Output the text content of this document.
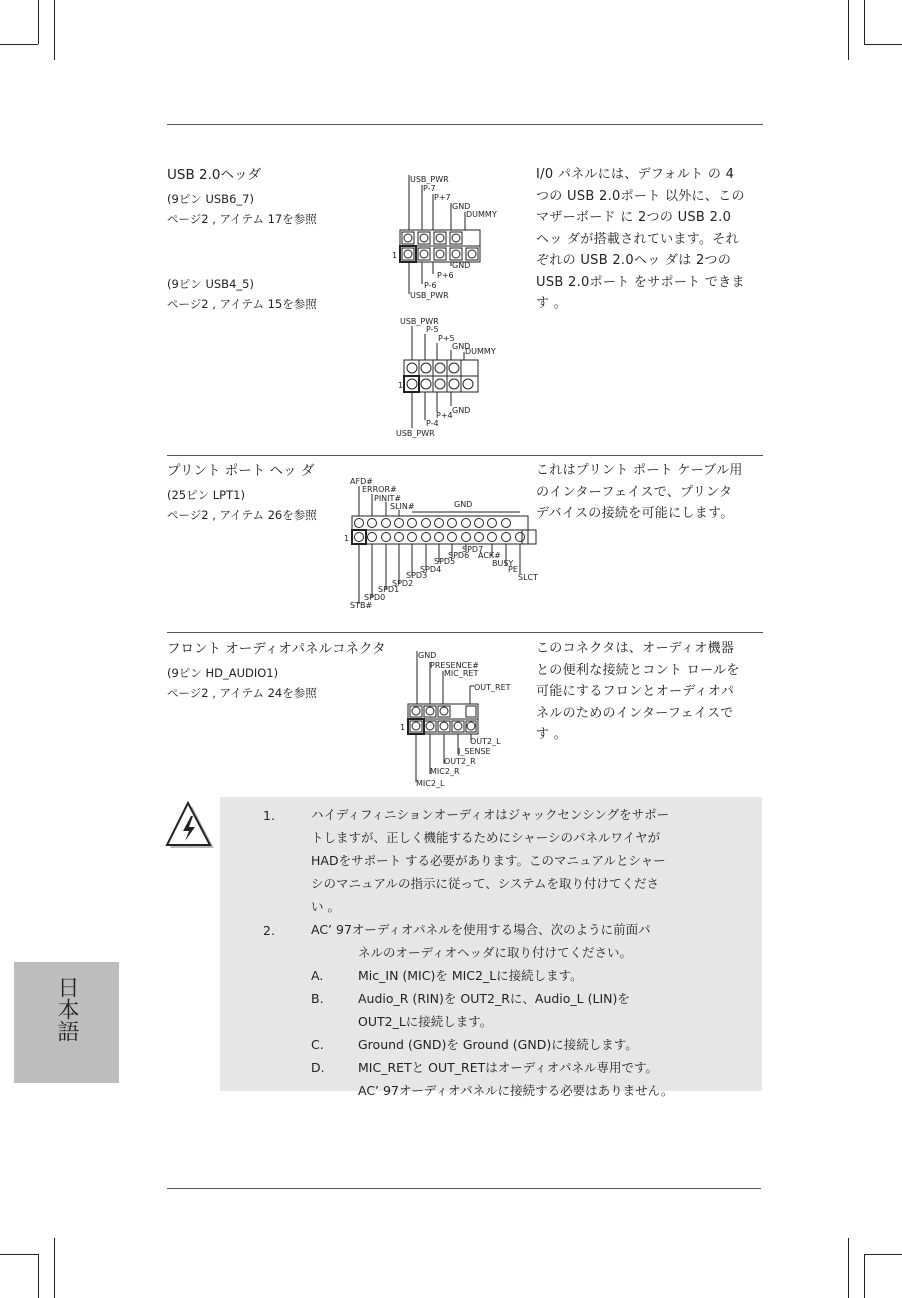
USB 2.0ヘッダ
(9ピン USB6_7)
ページ2 , アイテム 17を参照
(9ピン USB4_5)
ページ2 , アイテム 15を参照
USB_PWR
P-7
P+7
GND
DUMMY
1
P+6
GND
P-6
USB_PWR
USB_PWR
P-5
P+5
GND
DUMMY
1
GND
P+4
P-4
USB_PWR
I/0 パネルには、デフォルト の 4
つの USB 2.0ポート 以外に、この
マザーボード に 2つの USB 2.0
ヘッ ダが搭載されています。それ
ぞれの USB 2.0ヘッ ダは 2つの
USB 2.0ポート をサポート できま
す 。
プリント ポート ヘッ ダ
(25ピン LPT1)
ページ2 , アイテム 26を参照
AFD#
ERROR#
PINIT#
SLIN#	GND
1
SPD7
SPD6 ACK#
SPD5	BUSY
PE
SPD4
SLCT
SPD3
SPD2
SPD1
SPD0
STB#
これはプリント ポート ケーブル用
のインターフェイスで、プリンタ
デバイスの接続を可能にします。
フロント オーディオパネルコネクタ
(9ピン HD_AUDIO1)
ページ2 , アイテム 24を参照
GND
PRESENCE#
MIC_RET
OUT_RET
1
OUT2_L
J_SENSE
OUT2_R
MIC2_R
MIC2_L
このコネクタは、オーディオ機器
との便利な接続とコント ロールを
可能にするフロンとオーディオパ
ネルのためのインターフェイスで
す 。
1.	ハイディフィニションオーディオはジャックセンシングをサポー
トしますが、正しく機能するためにシャーシのパネルワイヤが
HADをサポート する必要があります。このマニュアルとシャー
シのマニュアルの指示に従って、システムを取り付けてくださ
い 。
2.	AC’ 97オーディオパネルを使用する場合、次のように前面パ
ネルのオーディオヘッダに取り付けてください。
A.	Mic_IN (MIC)を MIC2_Lに接続します。
B.	Audio_R (RIN)を OUT2_Rに、Audio_L (LIN)を
OUT2_Lに接続します。
C.	Ground (GND)を Ground (GND)に接続します。
D.	MIC_RETと OUT_RETはオーディオパネル専用です。
AC’ 97オーディオパネルに接続する必要はありません。
日本語
